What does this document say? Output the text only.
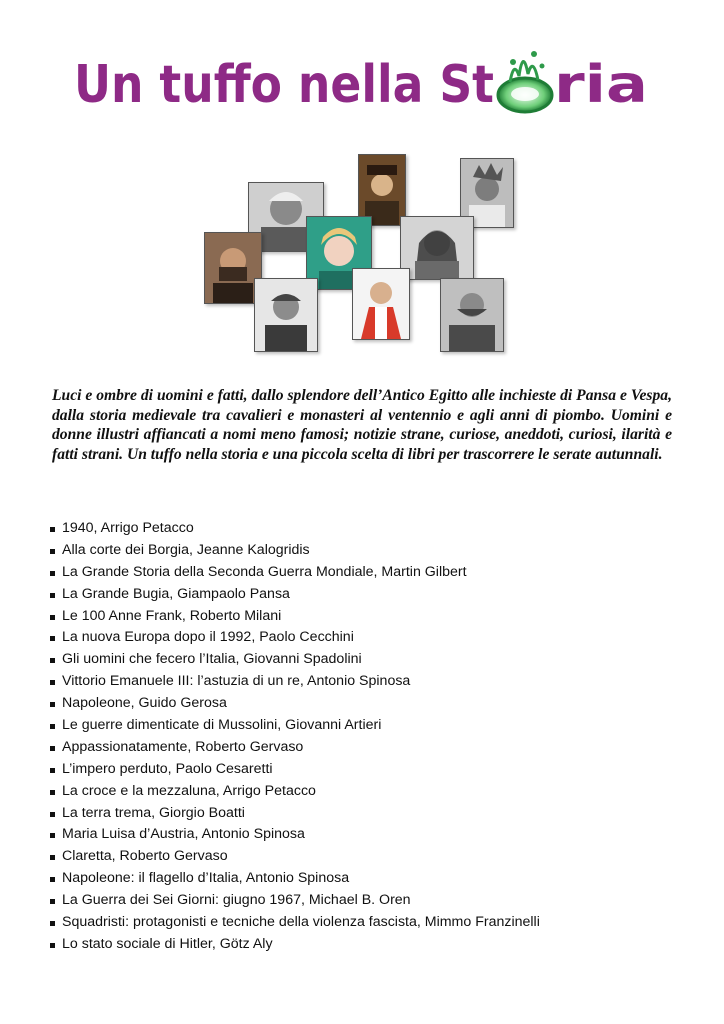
Un tuffo nella St ria

Luci e ombre di uomini e fatti, dallo splendore dell’Antico Egitto alle inchieste di Pansa e Vespa, dalla storia medievale tra cavalieri e monasteri al ventennio e agli anni di piombo. Uomini e donne illustri affiancati a nomi meno famosi; notizie strane, curiose, aneddoti, curiosi, ilarità e fatti strani. Un tuffo nella storia e una piccola scelta di libri per trascorrere le serate autunnali.

1940, Arrigo Petacco
Alla corte dei Borgia, Jeanne Kalogridis
La Grande Storia della Seconda Guerra Mondiale, Martin Gilbert
La Grande Bugia, Giampaolo Pansa
Le 100 Anne Frank, Roberto Milani
La nuova Europa dopo il 1992, Paolo Cecchini
Gli uomini che fecero l’Italia, Giovanni Spadolini
Vittorio Emanuele III: l’astuzia di un re, Antonio Spinosa
Napoleone, Guido Gerosa
Le guerre dimenticate di Mussolini, Giovanni Artieri
Appassionatamente, Roberto Gervaso
L’impero perduto, Paolo Cesaretti
La croce e la mezzaluna, Arrigo Petacco
La terra trema, Giorgio Boatti
Maria Luisa d’Austria, Antonio Spinosa
Claretta, Roberto Gervaso
Napoleone: il flagello d’Italia, Antonio Spinosa
La Guerra dei Sei Giorni: giugno 1967, Michael B. Oren
Squadristi: protagonisti e tecniche della violenza fascista, Mimmo Franzinelli
Lo stato sociale di Hitler, Götz Aly
